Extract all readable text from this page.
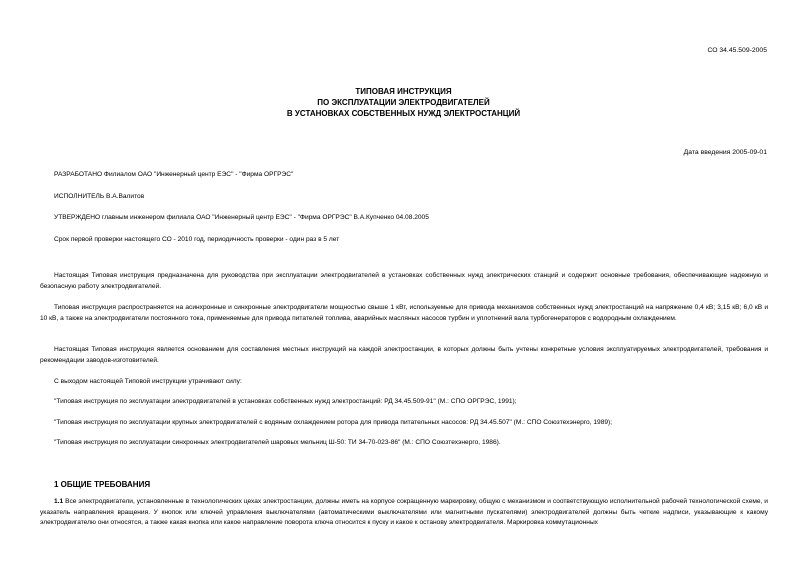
СО 34.45.509-2005
ТИПОВАЯ ИНСТРУКЦИЯ
ПО ЭКСПЛУАТАЦИИ ЭЛЕКТРОДВИГАТЕЛЕЙ
В УСТАНОВКАХ СОБСТВЕННЫХ НУЖД ЭЛЕКТРОСТАНЦИЙ
Дата введения 2005-09-01
РАЗРАБОТАНО Филиалом ОАО "Инженерный центр ЕЭС" - "Фирма ОРГРЭС"
ИСПОЛНИТЕЛЬ В.А.Валитов
УТВЕРЖДЕНО главным инженером филиала ОАО "Инженерный центр ЕЭС" - "Фирма ОРГРЭС" В.А.Купченко 04.08.2005
Срок первой проверки настоящего СО - 2010 год, периодичность проверки - один раз в 5 лет
Настоящая Типовая инструкция предназначена для руководства при эксплуатации электродвигателей в установках собственных нужд электрических станций и содержит основные требования, обеспечивающие надежную и безопасную работу электродвигателей.
Типовая инструкция распространяется на асинхронные и синхронные электродвигатели мощностью свыше 1 кВт, используемые для привода механизмов собственных нужд электростанций на напряжение 0,4 кВ; 3,15 кВ; 6,0 кВ и 10 кВ, а также на электродвигатели постоянного тока, применяемые для привода питателей топлива, аварийных масляных насосов турбин и уплотнений вала турбогенераторов с водородным охлаждением.
Настоящая Типовая инструкция является основанием для составления местных инструкций на каждой электростанции, в которых должны быть учтены конкретные условия эксплуатируемых электродвигателей, требования и рекомендации заводов-изготовителей.
С выходом настоящей Типовой инструкции утрачивают силу:
"Типовая инструкция по эксплуатации электродвигателей в установках собственных нужд электростанций: РД 34.45.509-91" (М.: СПО ОРГРЭС, 1991);
"Типовая инструкция по эксплуатации крупных электродвигателей с водяным охлаждением ротора для привода питательных насосов: РД 34.45.507" (М.: СПО Союзтехэнерго, 1989);
"Типовая инструкция по эксплуатации синхронных электродвигателей шаровых мельниц Ш-50: ТИ 34-70-023-86" (М.: СПО Союзтехэнерго, 1986).
1 ОБЩИЕ ТРЕБОВАНИЯ
1.1 Все электродвигатели, установленные в технологических цехах электростанции, должны иметь на корпусе сокращенную маркировку, общую с механизмом и соответствующую исполнительной рабочей технологической схеме, и указатель направления вращения. У кнопок или ключей управления выключателями (автоматическими выключателями или магнитными пускателями) электродвигателей должны быть четкие надписи, указывающие к какому электродвигателю они относятся, а также какая кнопка или какое направление поворота ключа относится к пуску и какое к останову электродвигателя. Маркировка коммутационных
